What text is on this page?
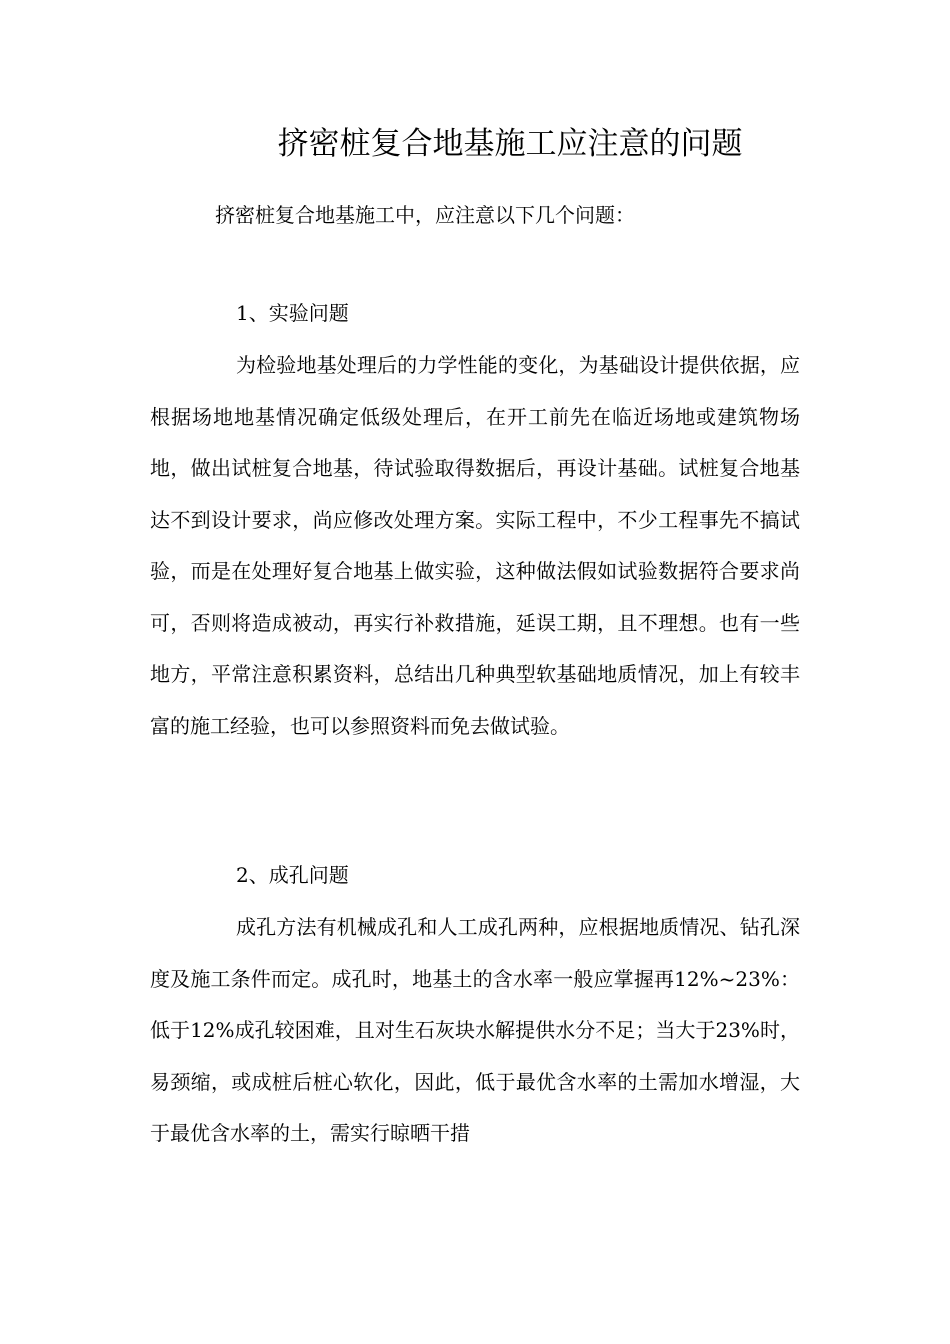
挤密桩复合地基施工应注意的问题
挤密桩复合地基施工中，应注意以下几个问题：
1、实验问题

为检验地基处理后的力学性能的变化，为基础设计提供依据，应根据场地地基情况确定低级处理后，在开工前先在临近场地或建筑物场地，做出试桩复合地基，待试验取得数据后，再设计基础。试桩复合地基达不到设计要求，尚应修改处理方案。实际工程中，不少工程事先不搞试验，而是在处理好复合地基上做实验，这种做法假如试验数据符合要求尚可，否则将造成被动，再实行补救措施，延误工期，且不理想。也有一些地方，平常注意积累资料，总结出几种典型软基础地质情况，加上有较丰富的施工经验，也可以参照资料而免去做试验。

2、成孔问题

成孔方法有机械成孔和人工成孔两种，应根据地质情况、钻孔深度及施工条件而定。成孔时，地基土的含水率一般应掌握再12%~23%：低于12%成孔较困难，且对生石灰块水解提供水分不足；当大于23%时，易颈缩，或成桩后桩心软化，因此，低于最优含水率的土需加水增湿，大于最优含水率的土，需实行晾晒干措
